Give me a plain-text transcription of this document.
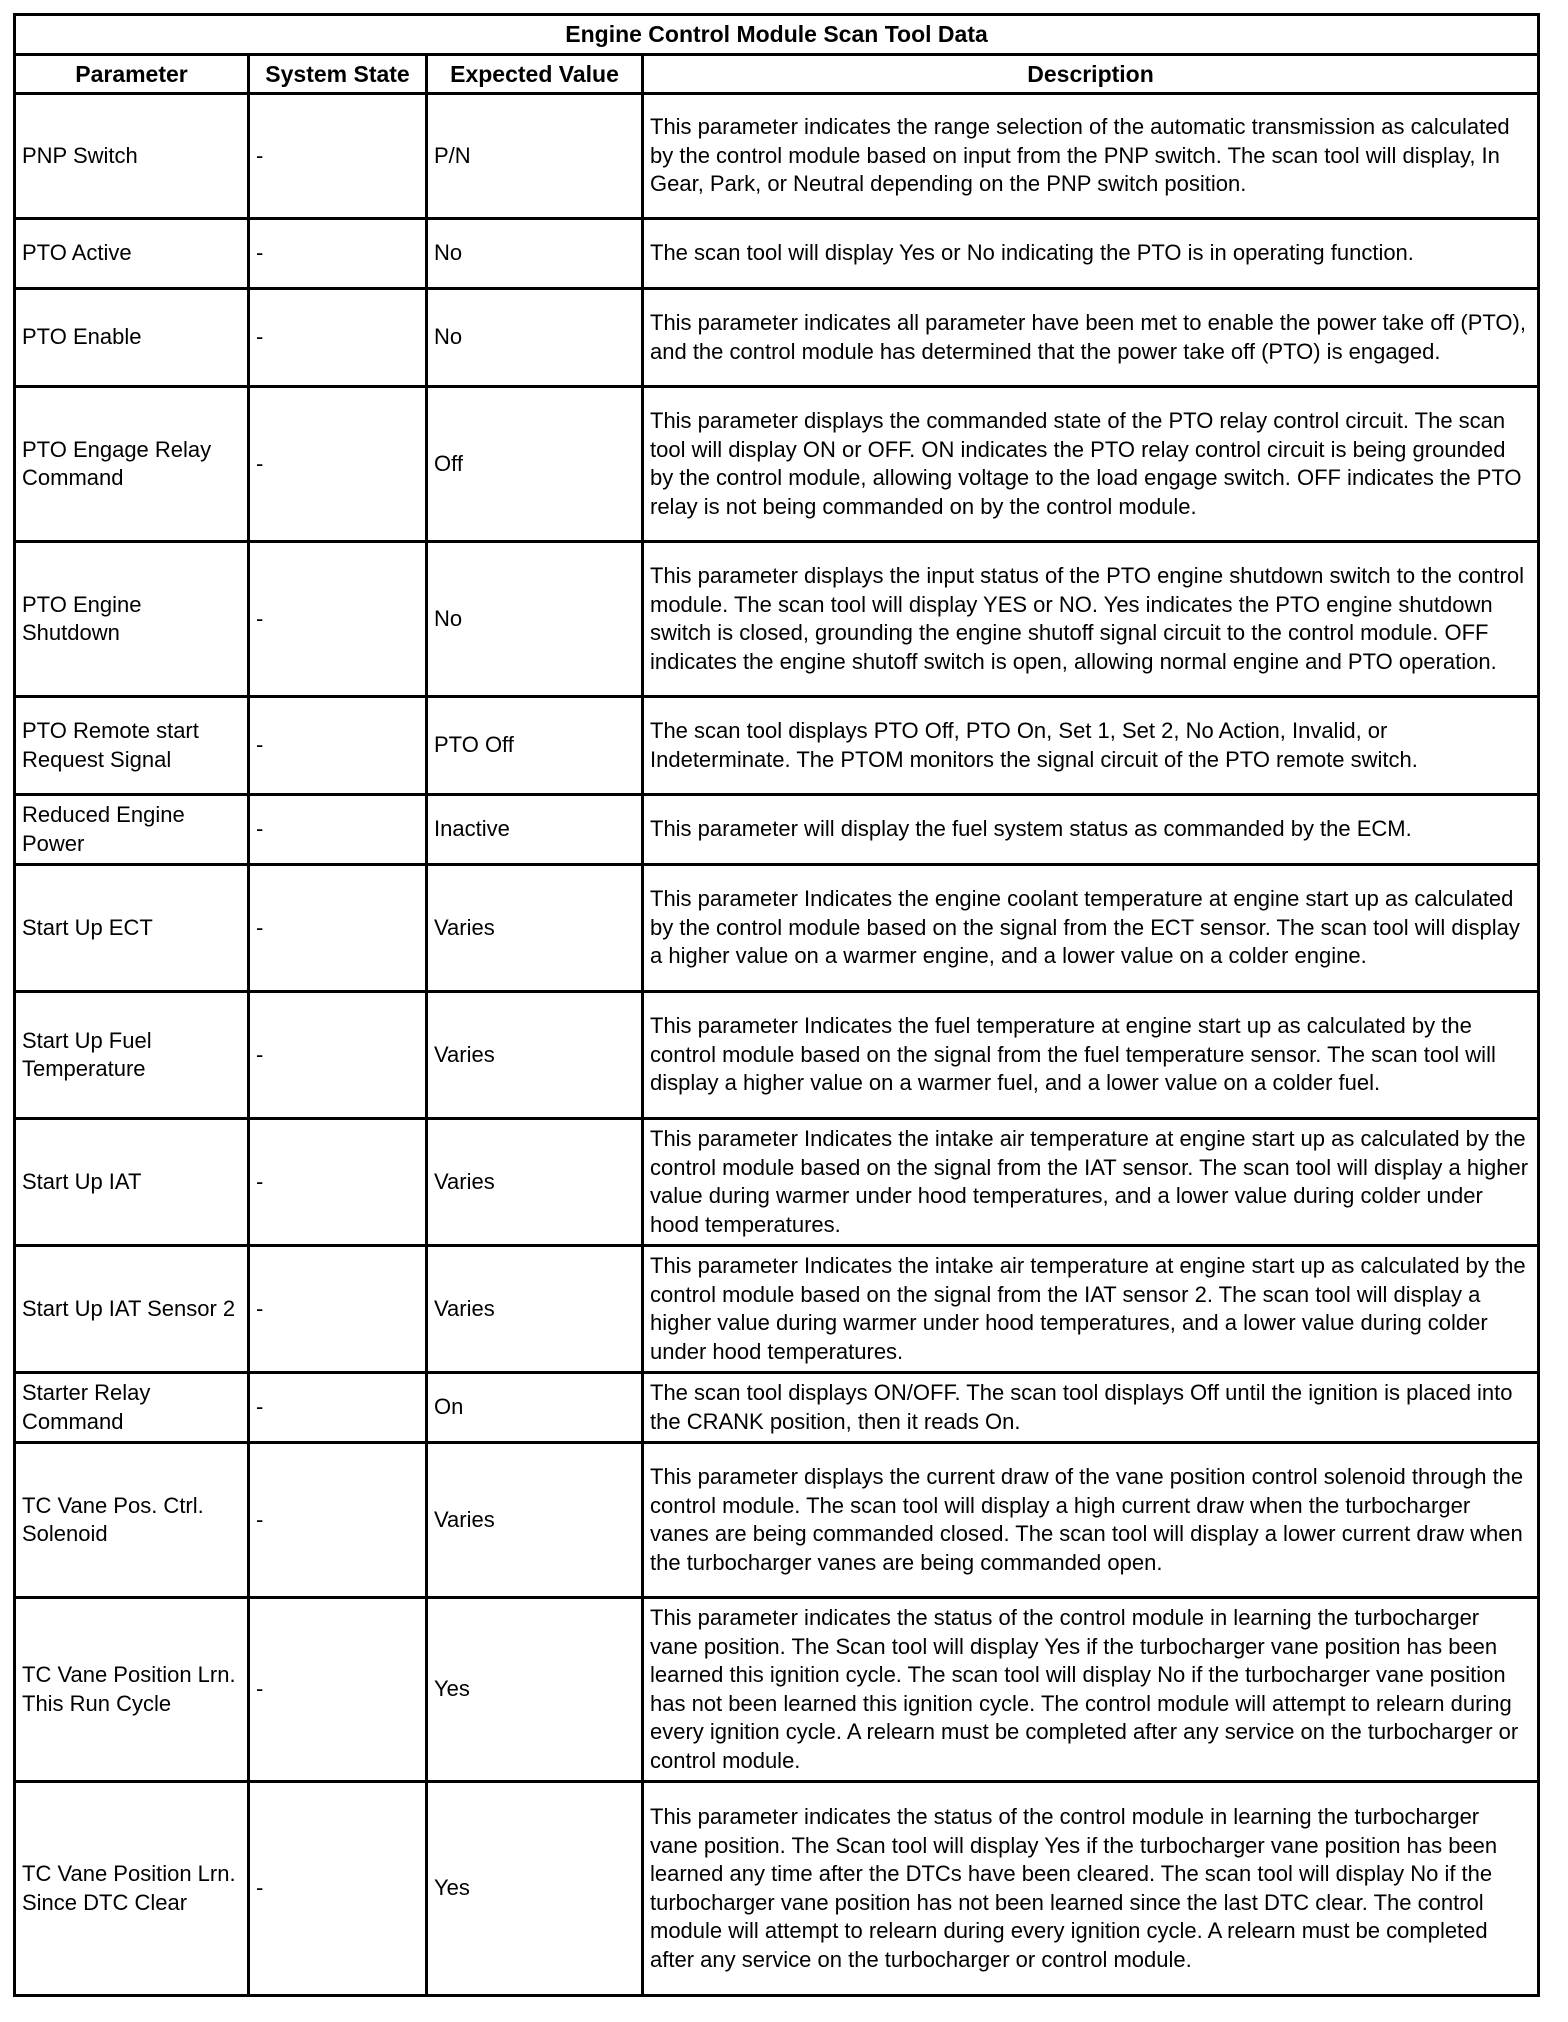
Engine Control Module Scan Tool Data			
Parameter	System State	Expected Value	Description
PNP Switch	-	P/N	This parameter indicates the range selection of the automatic transmission as calculated by the control module based on input from the PNP switch. The scan tool will display, In Gear, Park, or Neutral depending on the PNP switch position.
PTO Active	-	No	The scan tool will display Yes or No indicating the PTO is in operating function.
PTO Enable	-	No	This parameter indicates all parameter have been met to enable the power take off (PTO), and the control module has determined that the power take off (PTO) is engaged.
PTO Engage Relay Command	-	Off	This parameter displays the commanded state of the PTO relay control circuit. The scan tool will display ON or OFF. ON indicates the PTO relay control circuit is being grounded by the control module, allowing voltage to the load engage switch. OFF indicates the PTO relay is not being commanded on by the control module.
PTO Engine Shutdown	-	No	This parameter displays the input status of the PTO engine shutdown switch to the control module. The scan tool will display YES or NO. Yes indicates the PTO engine shutdown switch is closed, grounding the engine shutoff signal circuit to the control module. OFF indicates the engine shutoff switch is open, allowing normal engine and PTO operation.
PTO Remote start Request Signal	-	PTO Off	The scan tool displays PTO Off, PTO On, Set 1, Set 2, No Action, Invalid, or Indeterminate. The PTOM monitors the signal circuit of the PTO remote switch.
Reduced Engine Power	-	Inactive	This parameter will display the fuel system status as commanded by the ECM.
Start Up ECT	-	Varies	This parameter Indicates the engine coolant temperature at engine start up as calculated by the control module based on the signal from the ECT sensor. The scan tool will display a higher value on a warmer engine, and a lower value on a colder engine.
Start Up Fuel Temperature	-	Varies	This parameter Indicates the fuel temperature at engine start up as calculated by the control module based on the signal from the fuel temperature sensor. The scan tool will display a higher value on a warmer fuel, and a lower value on a colder fuel.
Start Up IAT	-	Varies	This parameter Indicates the intake air temperature at engine start up as calculated by the control module based on the signal from the IAT sensor. The scan tool will display a higher value during warmer under hood temperatures, and a lower value during colder under hood temperatures.
Start Up IAT Sensor 2	-	Varies	This parameter Indicates the intake air temperature at engine start up as calculated by the control module based on the signal from the IAT sensor 2. The scan tool will display a higher value during warmer under hood temperatures, and a lower value during colder under hood temperatures.
Starter Relay Command	-	On	The scan tool displays ON/OFF. The scan tool displays Off until the ignition is placed into the CRANK position, then it reads On.
TC Vane Pos. Ctrl. Solenoid	-	Varies	This parameter displays the current draw of the vane position control solenoid through the control module. The scan tool will display a high current draw when the turbocharger vanes are being commanded closed. The scan tool will display a lower current draw when the turbocharger vanes are being commanded open.
TC Vane Position Lrn. This Run Cycle	-	Yes	This parameter indicates the status of the control module in learning the turbocharger vane position. The Scan tool will display Yes if the turbocharger vane position has been learned this ignition cycle. The scan tool will display No if the turbocharger vane position has not been learned this ignition cycle. The control module will attempt to relearn during every ignition cycle. A relearn must be completed after any service on the turbocharger or control module.
TC Vane Position Lrn. Since DTC Clear	-	Yes	This parameter indicates the status of the control module in learning the turbocharger vane position. The Scan tool will display Yes if the turbocharger vane position has been learned any time after the DTCs have been cleared. The scan tool will display No if the turbocharger vane position has not been learned since the last DTC clear. The control module will attempt to relearn during every ignition cycle. A relearn must be completed after any service on the turbocharger or control module.
